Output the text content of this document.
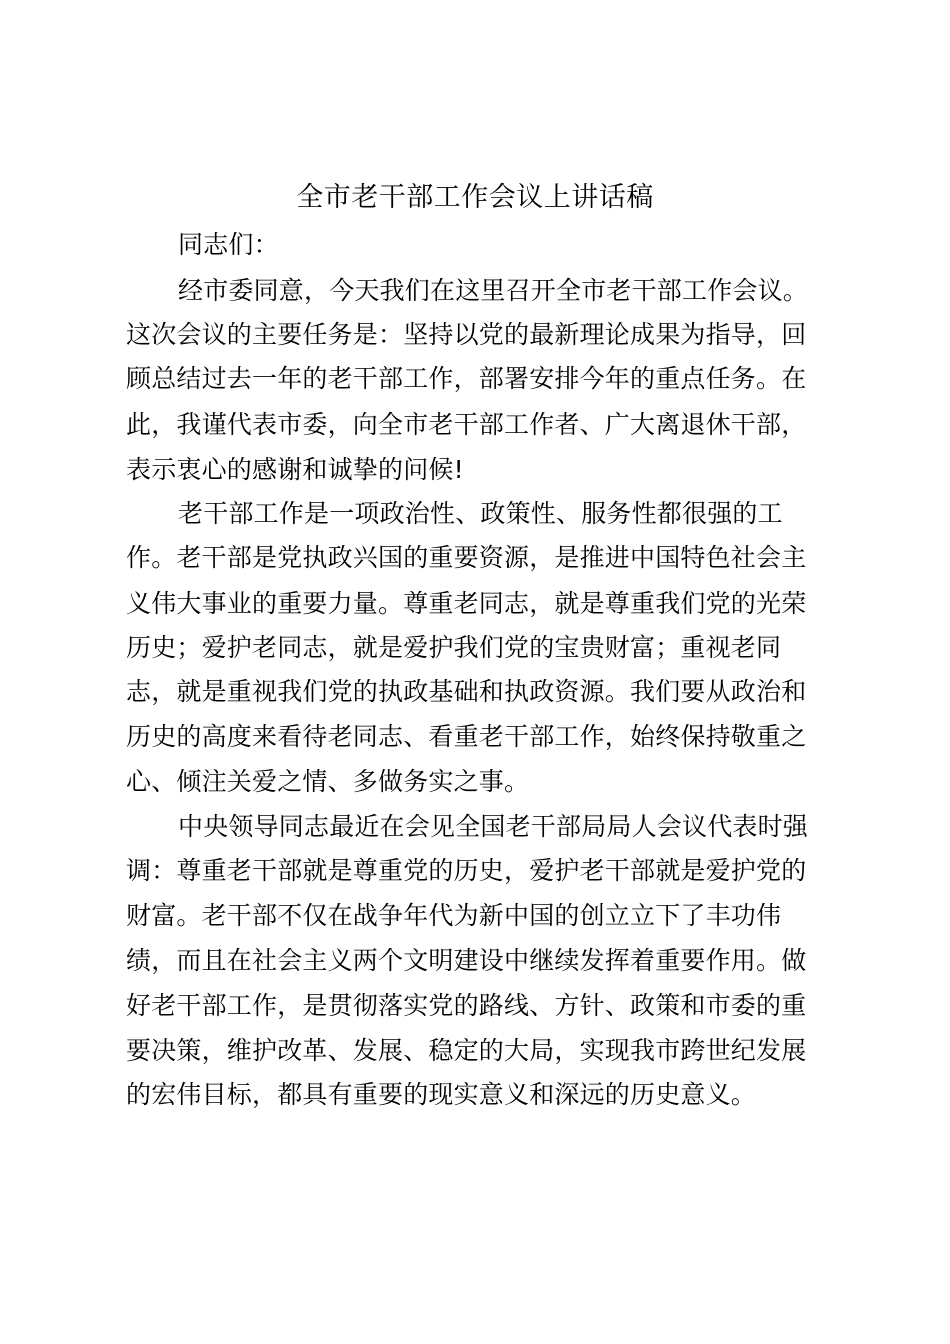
全市老干部工作会议上讲话稿
同志们：
经市委同意，今天我们在这里召开全市老干部工作会议。
这次会议的主要任务是：坚持以党的最新理论成果为指导，回
顾总结过去一年的老干部工作，部署安排今年的重点任务。在
此，我谨代表市委，向全市老干部工作者、广大离退休干部，
表示衷心的感谢和诚挚的问候!
老干部工作是一项政治性、政策性、服务性都很强的工
作。老干部是党执政兴国的重要资源，是推进中国特色社会主
义伟大事业的重要力量。尊重老同志，就是尊重我们党的光荣
历史；爱护老同志，就是爱护我们党的宝贵财富；重视老同
志，就是重视我们党的执政基础和执政资源。我们要从政治和
历史的高度来看待老同志、看重老干部工作，始终保持敬重之
心、倾注关爱之情、多做务实之事。
中央领导同志最近在会见全国老干部局局人会议代表时强
调：尊重老干部就是尊重党的历史，爱护老干部就是爱护党的
财富。老干部不仅在战争年代为新中国的创立立下了丰功伟
绩，而且在社会主义两个文明建设中继续发挥着重要作用。做
好老干部工作，是贯彻落实党的路线、方针、政策和市委的重
要决策，维护改革、发展、稳定的大局，实现我市跨世纪发展
的宏伟目标，都具有重要的现实意义和深远的历史意义。
